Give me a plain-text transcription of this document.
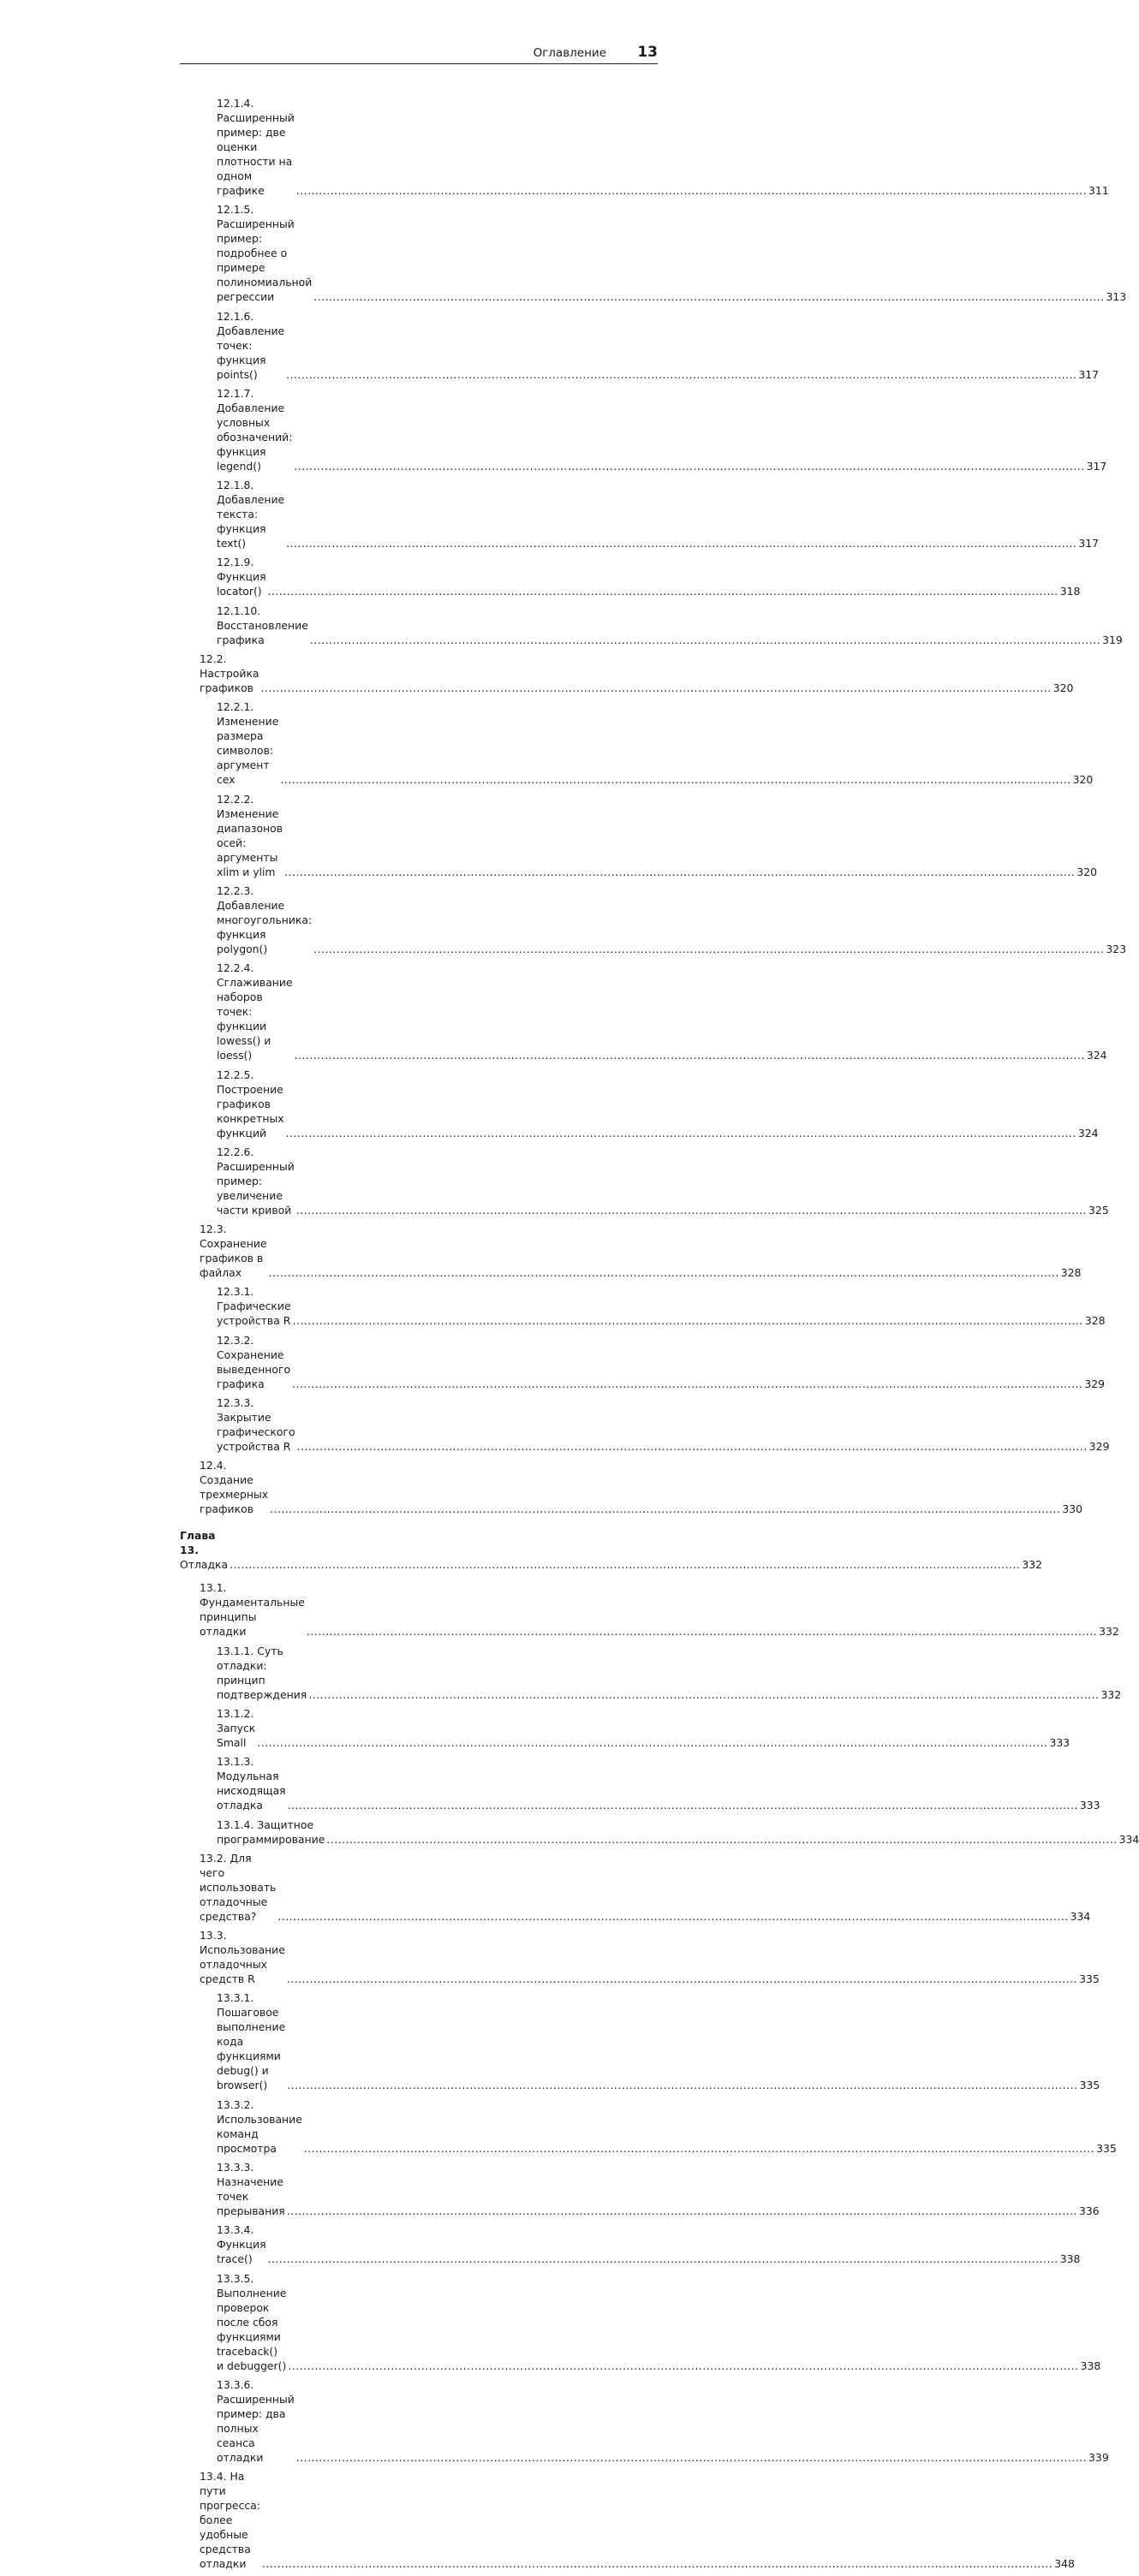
Оглавление 13
12.1.4. Расширенный пример: две оценки плотности на одном графике .....	311
12.1.5. Расширенный пример: подробнее о примере полиномиальной
регрессии .....	313
12.1.6. Добавление точек: функция points() .....	317
12.1.7. Добавление условных обозначений: функция legend() .....	317
12.1.8. Добавление текста: функция text() .....	317
12.1.9. Функция locator() .....	318
12.1.10. Восстановление графика .....	319
12.2. Настройка графиков .....	320
12.2.1. Изменение размера символов: аргумент cex .....	320
12.2.2. Изменение диапазонов осей: аргументы xlim и ylim .....	320
12.2.3. Добавление многоугольника: функция polygon() .....	323
12.2.4. Сглаживание наборов точек: функции lowess() и loess() .....	324
12.2.5. Построение графиков конкретных функций .....	324
12.2.6. Расширенный пример: увеличение части кривой .....	325
12.3. Сохранение графиков в файлах .....	328
12.3.1. Графические устройства R .....	328
12.3.2. Сохранение выведенного графика .....	329
12.3.3. Закрытие графического устройства R .....	329
12.4. Создание трехмерных графиков .....	330
Глава 13. Отладка .....	332
13.1. Фундаментальные принципы отладки .....	332
13.1.1. Суть отладки: принцип подтверждения .....	332
13.1.2. Запуск Small .....	333
13.1.3. Модульная нисходящая отладка .....	333
13.1.4. Защитное программирование .....	334
13.2. Для чего использовать отладочные средства? .....	334
13.3. Использование отладочных средств R .....	335
13.3.1. Пошаговое выполнение кода функциями debug() и browser() .....	335
13.3.2. Использование команд просмотра .....	335
13.3.3. Назначение точек прерывания .....	336
13.3.4. Функция trace() .....	338
13.3.5. Выполнение проверок после сбоя функциями traceback()
и debugger() .....	338
13.3.6. Расширенный пример: два полных сеанса отладки .....	339
13.4. На пути прогресса: более удобные средства отладки .....	348
